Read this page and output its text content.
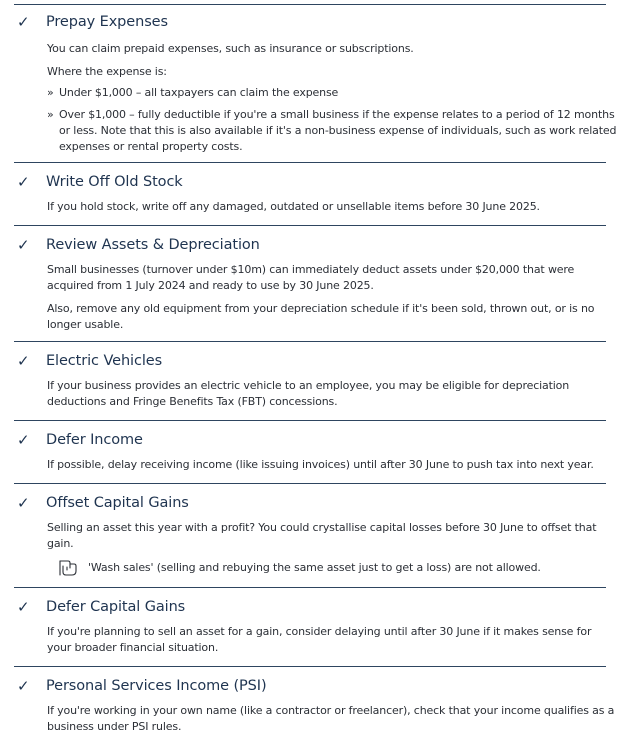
✓ Prepay Expenses
You can claim prepaid expenses, such as insurance or subscriptions.
Where the expense is:
» Under $1,000 – all taxpayers can claim the expense
» Over $1,000 – fully deductible if you're a small business if the expense relates to a period of 12 months
or less. Note that this is also available if it's a non-business expense of individuals, such as work related
expenses or rental property costs.
✓ Write Off Old Stock
If you hold stock, write off any damaged, outdated or unsellable items before 30 June 2025.
✓ Review Assets & Depreciation
Small businesses (turnover under $10m) can immediately deduct assets under $20,000 that were
acquired from 1 July 2024 and ready to use by 30 June 2025.
Also, remove any old equipment from your depreciation schedule if it's been sold, thrown out, or is no
longer usable.
✓ Electric Vehicles
If your business provides an electric vehicle to an employee, you may be eligible for depreciation
deductions and Fringe Benefits Tax (FBT) concessions.
✓ Defer Income
If possible, delay receiving income (like issuing invoices) until after 30 June to push tax into next year.
✓ Offset Capital Gains
Selling an asset this year with a profit? You could crystallise capital losses before 30 June to offset that
gain.
'Wash sales' (selling and rebuying the same asset just to get a loss) are not allowed.
✓ Defer Capital Gains
If you're planning to sell an asset for a gain, consider delaying until after 30 June if it makes sense for
your broader financial situation.
✓ Personal Services Income (PSI)
If you're working in your own name (like a contractor or freelancer), check that your income qualifies as a
business under PSI rules.
